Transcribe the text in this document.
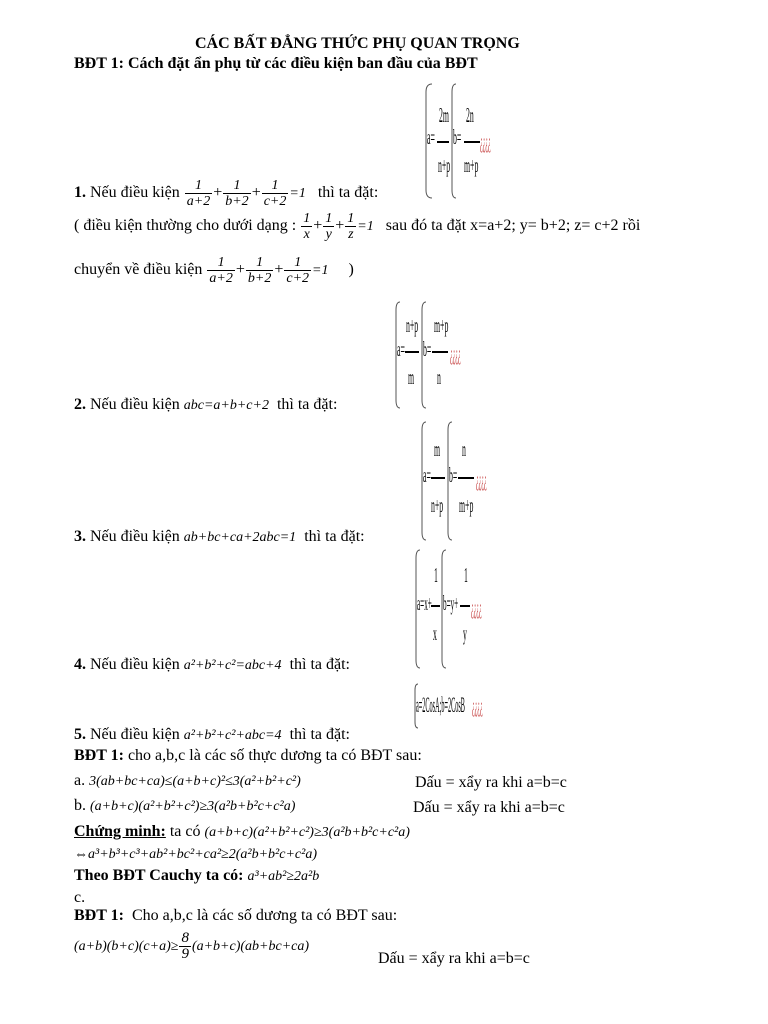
CÁC BẤT ĐẲNG THỨC PHỤ QUAN TRỌNG
BĐT 1: Cách đặt ẩn phụ từ các điều kiện ban đầu của BĐT
a=
2m
n+p
b=
2n
m+p
¿¿¿¿
1. Nếu điều kiện $\frac{1}{a+2} + \frac{1}{b+2} + \frac{1}{c+2} =1$ thì ta đặt:
( điều kiện thường cho dưới dạng : $\frac{1}{x} + \frac{1}{y} + \frac{1}{z} =1$ sau đó ta đặt x=a+2; y= b+2; z= c+2 rồi
chuyển về điều kiện $\frac{1}{a+2} + \frac{1}{b+2} + \frac{1}{c+2} =1$ )
a=
n+p
m
b=
m+p
n
¿¿¿¿
2. Nếu điều kiện abc=a+b+c+2 thì ta đặt:
a=
m
n+p
b=
n
m+p
¿¿¿¿
3. Nếu điều kiện ab+bc+ca+2abc=1 thì ta đặt:
a=x+
1
x
b=y+
1
y
¿¿¿¿
4. Nếu điều kiện a²+b²+c²=abc+4 thì ta đặt:
a=2CosA;b=2CosB ¿¿¿¿
5. Nếu điều kiện a²+b²+c²+abc=4 thì ta đặt:
BĐT 1: cho a,b,c là các số thực dương ta có BĐT sau:
a. 3(ab+bc+ca)≤(a+b+c)²≤3(a²+b²+c²)	Dấu = xẩy ra khi a=b=c
b. (a+b+c)(a²+b²+c²)≥3(a²b+b²c+c²a)	Dấu = xẩy ra khi a=b=c
Chứng minh: ta có (a+b+c)(a²+b²+c²)≥3(a²b+b²c+c²a)
⇔a³+b³+c³+ab²+bc²+ca²≥2(a²b+b²c+c²a)
Theo BĐT Cauchy ta có: a³+ab²≥2a²b
c.
BĐT 1: Cho a,b,c là các số dương ta có BĐT sau:
$(a+b)(b+c)(c+a)\ge \frac{8}{9} (a+b+c)(ab+bc+ca)$
Dấu = xẩy ra khi a=b=c
